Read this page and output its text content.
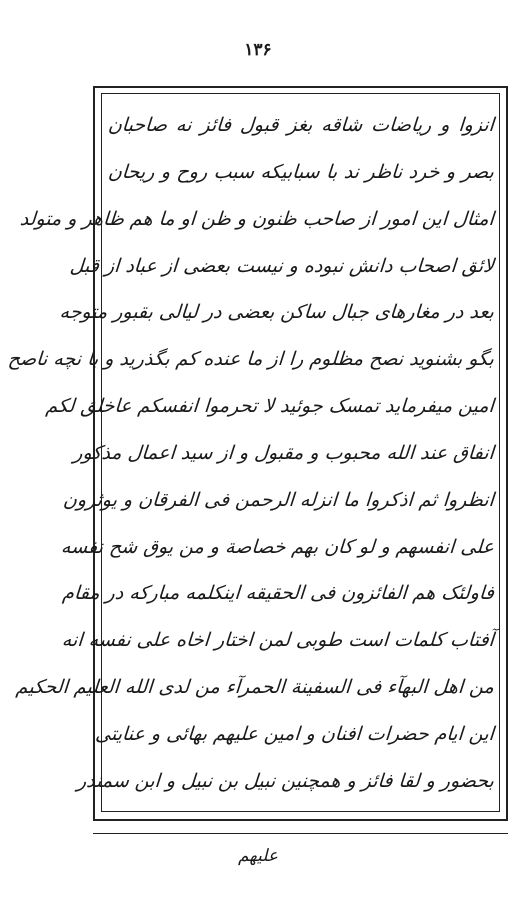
۱۳۶
انزوا و ریاضات شاقه بغز قبول فائز نه صاحبان
بصر و خرد ناظر ند با سبابیکه سبب روح و ریحان
امثال این امور از صاحب ظنون و ظن او ما هم ظاهر و متولد
لائق اصحاب دانش نبوده و نیست بعضی از عباد از قبل
بعد در مغارهای جبال ساکن بعضی در لیالی بقبور متوجه
بگو بشنوید نصح مظلوم را از ما عنده کم بگذرید و با نچه ناصح
امین میفرماید تمسک جوئید لا تحرموا انفسکم عاخلق لکم
انفاق عند الله محبوب و مقبول و از سید اعمال مذکور
انظروا ثم اذکروا ما انزله الرحمن فی الفرقان و یوثرون
علی انفسهم و لو کان بهم خصاصة و من یوق شح نفسه
فاولئک هم الفائزون فی الحقیقه اینکلمه مبارکه در مقام
آفتاب کلمات است طوبی لمن اختار اخاه علی نفسه انه
من اهل البهآء فی السفینة الحمرآء من لدی الله العلیم الحکیم
این ایام حضرات افنان و امین علیهم بهائی و عنایتی
بحضور و لقا فائز و همچنین نبیل بن نبیل و ابن سمندر
علیهم
